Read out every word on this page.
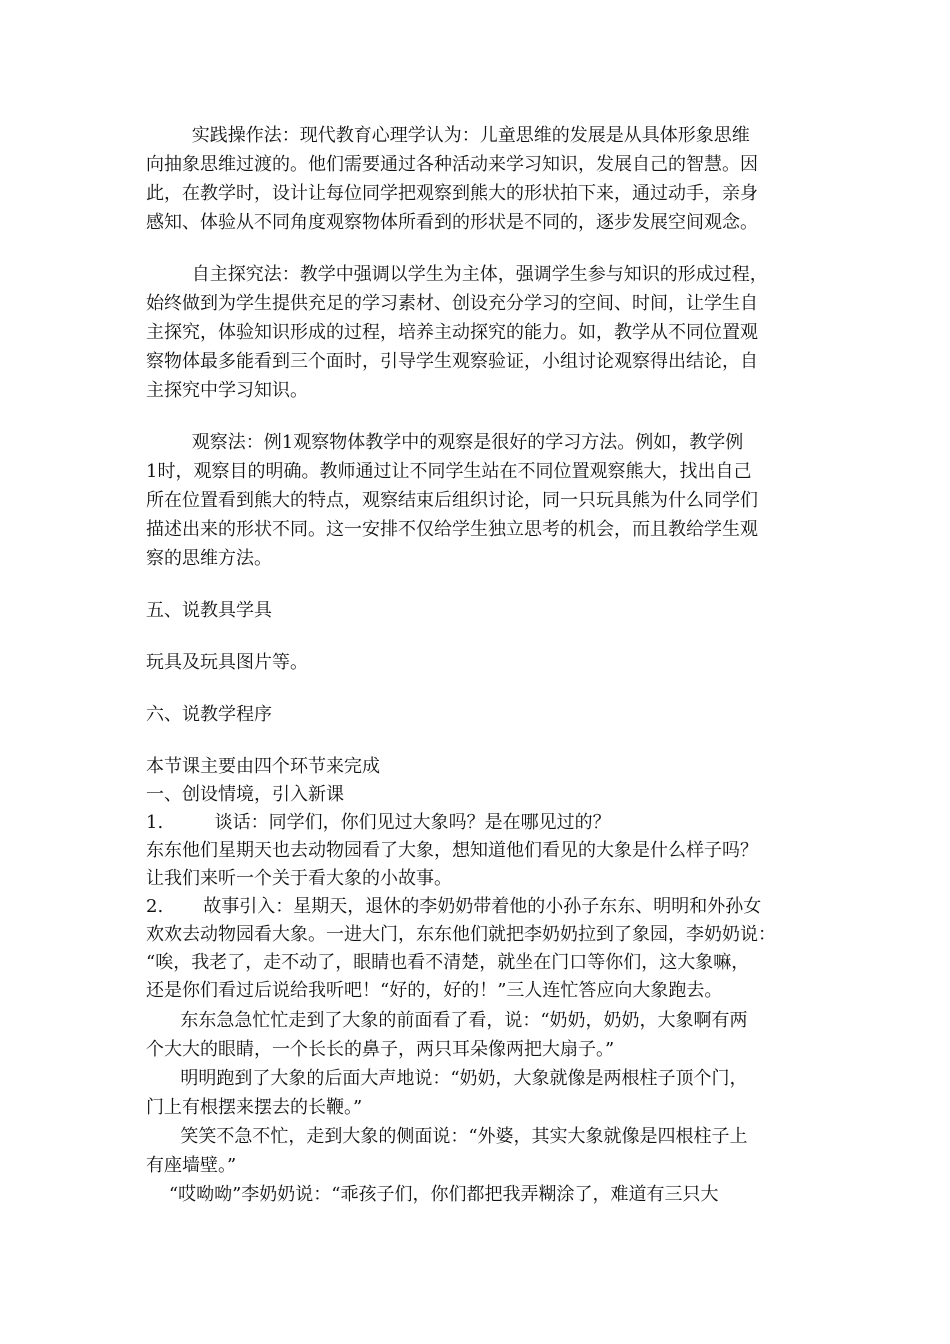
实践操作法：现代教育心理学认为：儿童思维的发展是从具体形象思维

向抽象思维过渡的。他们需要通过各种活动来学习知识，发展自己的智慧。因

此，在教学时，设计让每位同学把观察到熊大的形状拍下来，通过动手，亲身

感知、体验从不同角度观察物体所看到的形状是不同的，逐步发展空间观念。

自主探究法：教学中强调以学生为主体，强调学生参与知识的形成过程，

始终做到为学生提供充足的学习素材、创设充分学习的空间、时间，让学生自

主探究，体验知识形成的过程，培养主动探究的能力。如，教学从不同位置观

察物体最多能看到三个面时，引导学生观察验证，小组讨论观察得出结论，自

主探究中学习知识。

观察法：例1观察物体教学中的观察是很好的学习方法。例如，教学例

1时，观察目的明确。教师通过让不同学生站在不同位置观察熊大，找出自己

所在位置看到熊大的特点，观察结束后组织讨论，同一只玩具熊为什么同学们

描述出来的形状不同。这一安排不仅给学生独立思考的机会，而且教给学生观

察的思维方法。

五、说教具学具

玩具及玩具图片等。

六、说教学程序

本节课主要由四个环节来完成

一、创设情境，引入新课

1.         谈话：同学们，你们见过大象吗？是在哪见过的？

东东他们星期天也去动物园看了大象，想知道他们看见的大象是什么样子吗？

让我们来听一个关于看大象的小故事。

2.       故事引入：星期天，退休的李奶奶带着他的小孙子东东、明明和外孙女

欢欢去动物园看大象。一进大门，东东他们就把李奶奶拉到了象园，李奶奶说：

“唉，我老了，走不动了，眼睛也看不清楚，就坐在门口等你们，这大象嘛，

还是你们看过后说给我听吧！“好的，好的！”三人连忙答应向大象跑去。

东东急急忙忙走到了大象的前面看了看，说：“奶奶，奶奶，大象啊有两

个大大的眼睛，一个长长的鼻子，两只耳朵像两把大扇子。”

明明跑到了大象的后面大声地说：“奶奶，大象就像是两根柱子顶个门，

门上有根摆来摆去的长鞭。”

笑笑不急不忙，走到大象的侧面说：“外婆，其实大象就像是四根柱子上

有座墙壁。”

“哎呦呦”李奶奶说：“乖孩子们，你们都把我弄糊涂了，难道有三只大
